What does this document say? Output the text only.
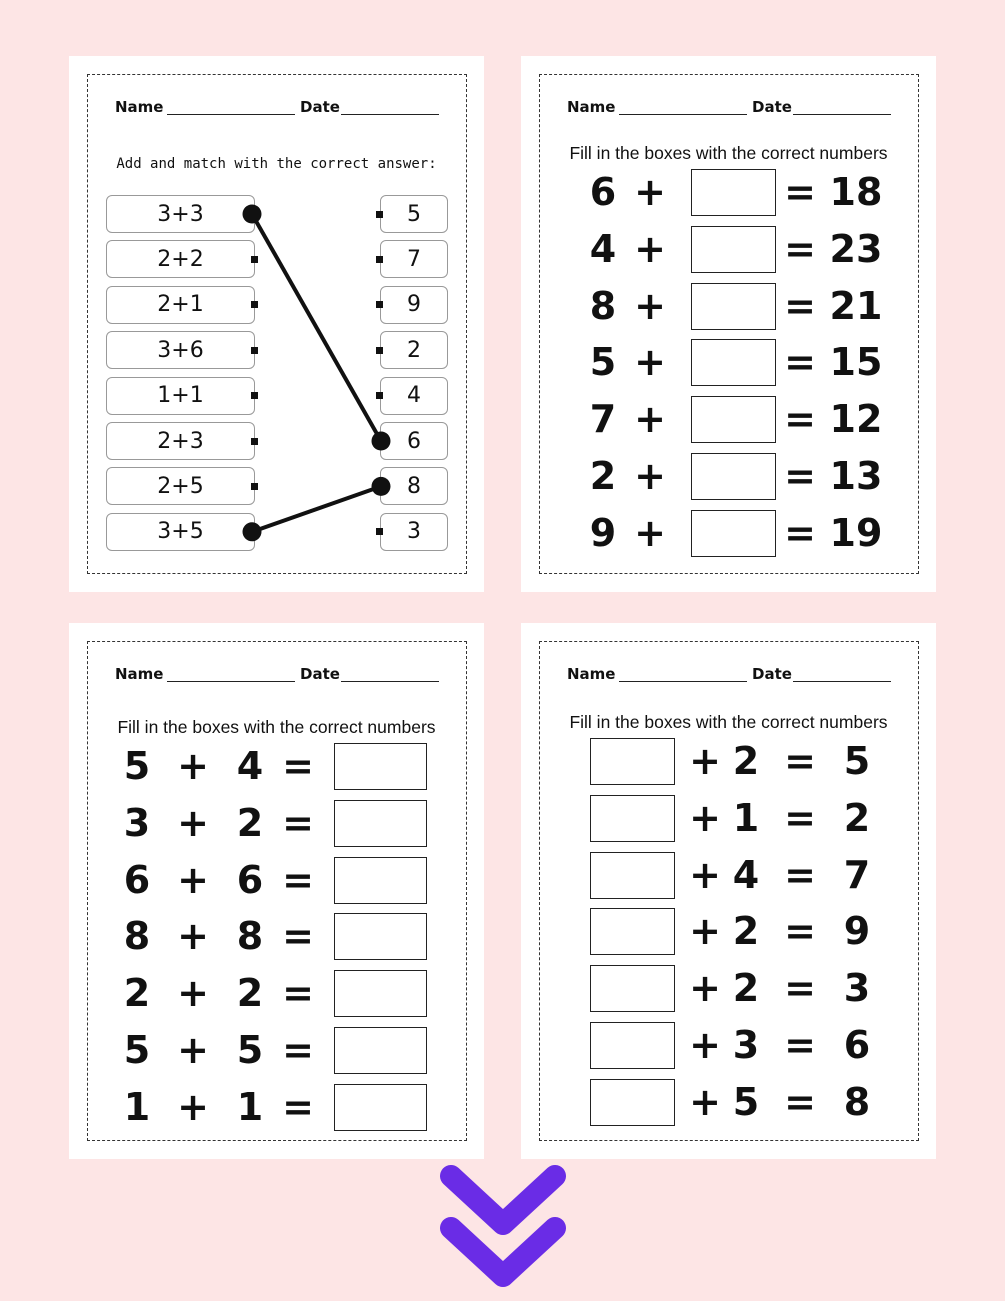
Name	Date
Add and match with the correct answer:
3+3
2+2
2+1
3+6
1+1
2+3
2+5
3+5
5
7
9
2
4
6
8
3
Name	Date
Fill in the boxes with the correct numbers
6 +	= 18
4 +	= 23
8 +	= 21
5 +	= 15
7 +	= 12
2 +	= 13
9 +	= 19
Name	Date
Fill in the boxes with the correct numbers
5 + 4 =
3 + 2 =
6 + 6 =
8 + 8 =
2 + 2 =
5 + 5 =
1 + 1 =
Name	Date
Fill in the boxes with the correct numbers
+ 2 = 5
+ 1 = 2
+ 4 = 7
+ 2 = 9
+ 2 = 3
+ 3 = 6
+ 5 = 8
